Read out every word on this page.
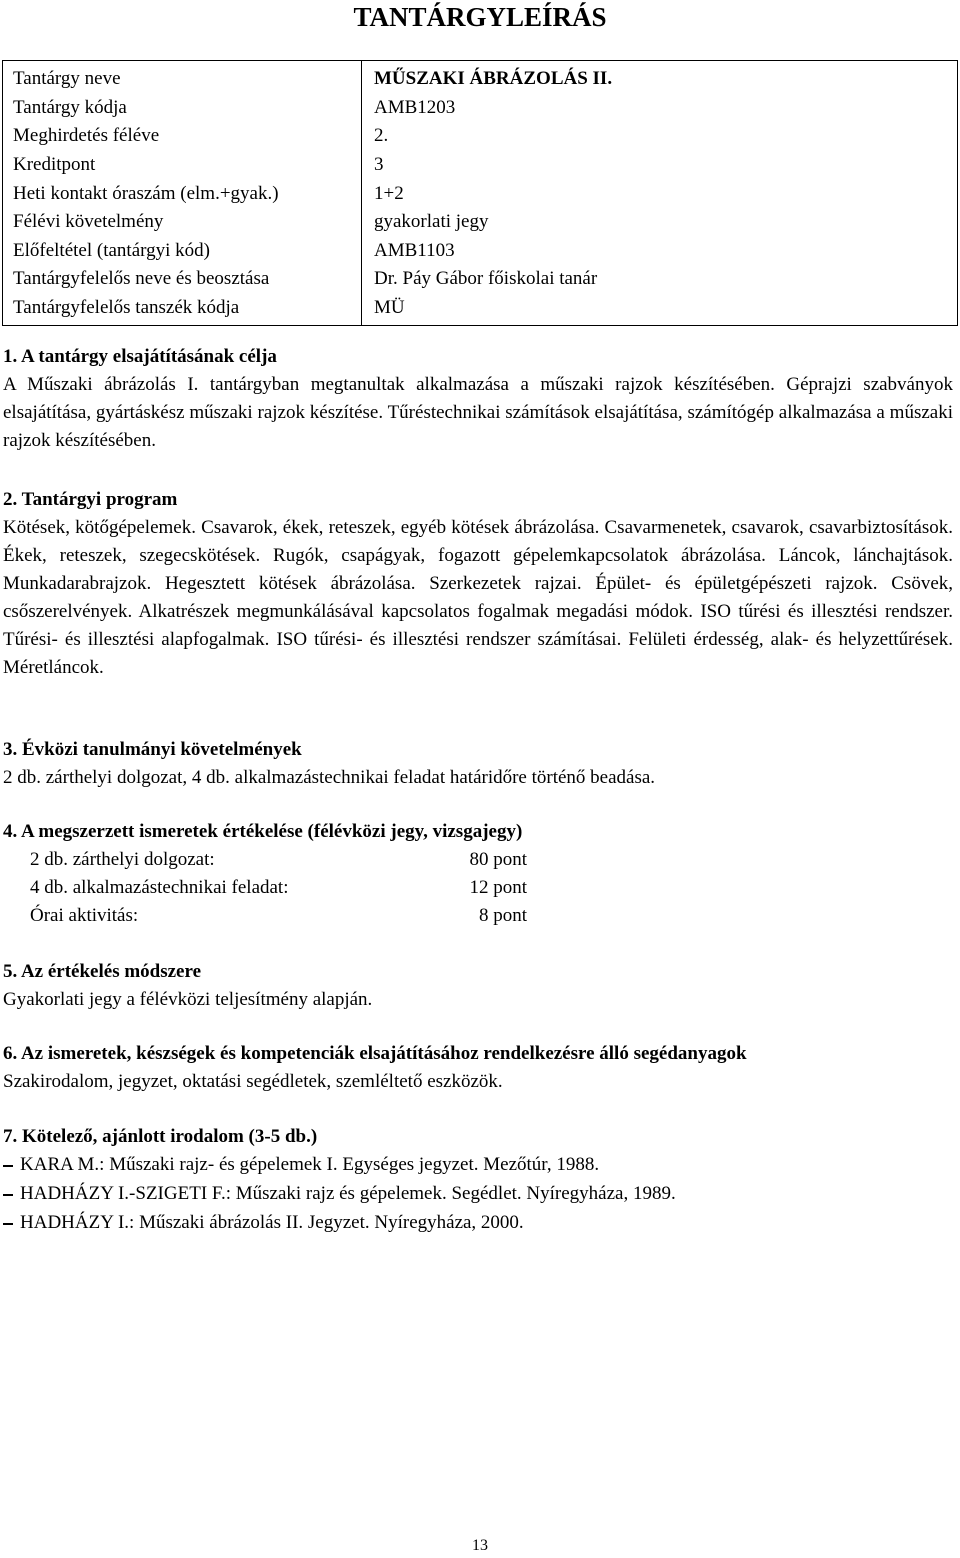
TANTÁRGYLEÍRÁS
Tantárgy neve	MŰSZAKI ÁBRÁZOLÁS II.
Tantárgy kódja	AMB1203
Meghirdetés féléve	2.
Kreditpont	3
Heti kontakt óraszám (elm.+gyak.)	1+2
Félévi követelmény	gyakorlati jegy
Előfeltétel (tantárgyi kód)	AMB1103
Tantárgyfelelős neve és beosztása	Dr. Páy Gábor főiskolai tanár
Tantárgyfelelős tanszék kódja	MÜ

1. A tantárgy elsajátításának célja

A Műszaki ábrázolás I. tantárgyban megtanultak alkalmazása a műszaki rajzok készítésében. Géprajzi szabványok elsajátítása, gyártáskész műszaki rajzok készítése. Tűréstechnikai számítások elsajátítása, számítógép alkalmazása a műszaki rajzok készítésében.

2. Tantárgyi program

Kötések, kötőgépelemek. Csavarok, ékek, reteszek, egyéb kötések ábrázolása. Csavarmenetek, csavarok, csavarbiztosítások. Ékek, reteszek, szegecskötések. Rugók, csapágyak, fogazott gépelemkapcsolatok ábrázolása. Láncok, lánchajtások. Munkadarabrajzok. Hegesztett kötések ábrázolása. Szerkezetek rajzai. Épület- és épületgépészeti rajzok. Csövek, csőszerelvények. Alkatrészek megmunkálásával kapcsolatos fogalmak megadási módok. ISO tűrési és illesztési rendszer. Tűrési- és illesztési alapfogalmak. ISO tűrési- és illesztési rendszer számításai. Felületi érdesség, alak- és helyzettűrések. Méretláncok.

3. Évközi tanulmányi követelmények

2 db. zárthelyi dolgozat, 4 db. alkalmazástechnikai feladat határidőre történő beadása.

4. A megszerzett ismeretek értékelése (félévközi jegy, vizsgajegy)

2 db. zárthelyi dolgozat:	80 pont
4 db. alkalmazástechnikai feladat:	12 pont
Órai aktivitás:	8 pont

5. Az értékelés módszere

Gyakorlati jegy a félévközi teljesítmény alapján.

6. Az ismeretek, készségek és kompetenciák elsajátításához rendelkezésre álló segédanyagok

Szakirodalom, jegyzet, oktatási segédletek, szemléltető eszközök.

7. Kötelező, ajánlott irodalom (3-5 db.)

KARA M.: Műszaki rajz- és gépelemek I. Egységes jegyzet. Mezőtúr, 1988.
HADHÁZY I.-SZIGETI F.: Műszaki rajz és gépelemek. Segédlet. Nyíregyháza, 1989.
HADHÁZY I.: Műszaki ábrázolás II. Jegyzet. Nyíregyháza, 2000.
13
